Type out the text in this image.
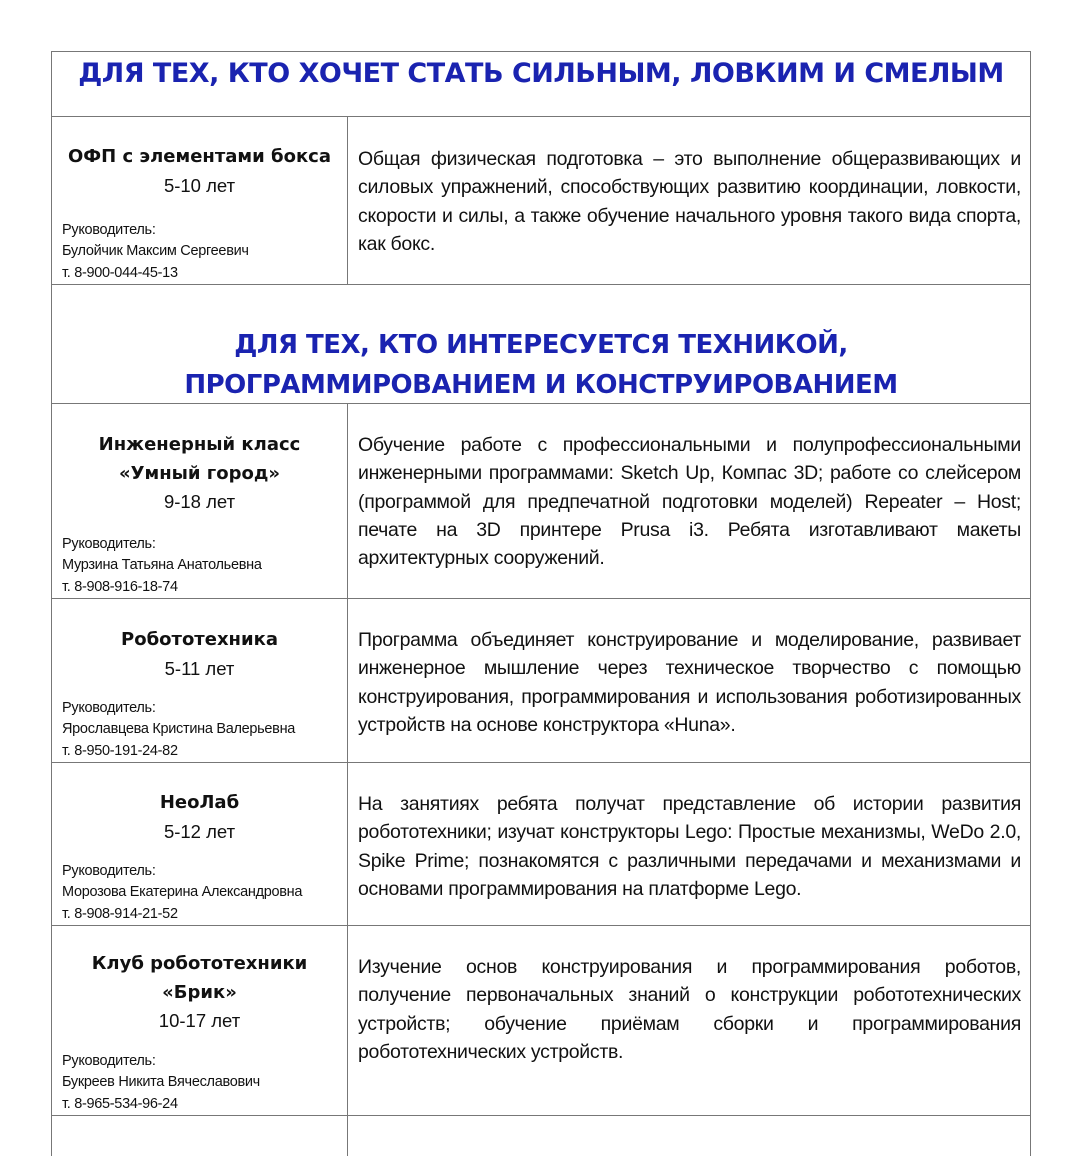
ДЛЯ ТЕХ, КТО ХОЧЕТ СТАТЬ СИЛЬНЫМ, ЛОВКИМ И СМЕЛЫМ
ОФП с элементами бокса
5-10 лет
Руководитель:
Булойчик Максим Сергеевич
т. 8-900-044-45-13
Общая физическая подготовка – это выполнение общеразвивающих и силовых упражнений, способствующих развитию координации, ловкости, скорости и силы, а также обучение начального уровня такого вида спорта, как бокс.
ДЛЯ ТЕХ, КТО ИНТЕРЕСУЕТСЯ ТЕХНИКОЙ,
ПРОГРАММИРОВАНИЕМ И КОНСТРУИРОВАНИЕМ
Инженерный класс
«Умный город»
9-18 лет
Руководитель:
Мурзина Татьяна Анатольевна
т. 8-908-916-18-74
Обучение работе с профессиональными и полупрофессиональными инженерными программами: Sketch Up, Компас 3D; работе со слейсером (программой для предпечатной подготовки моделей) Repeater – Host; печате на 3D принтере Prusa i3. Ребята изготавливают макеты архитектурных сооружений.
Робототехника
5-11 лет
Руководитель:
Ярославцева Кристина Валерьевна
т. 8-950-191-24-82
Программа объединяет конструирование и моделирование, развивает инженерное мышление через техническое творчество с помощью конструирования, программирования и использования роботизированных устройств на основе конструктора «Huna».
НеоЛаб
5-12 лет
Руководитель:
Морозова Екатерина Александровна
т. 8-908-914-21-52
На занятиях ребята получат представление об истории развития робототехники; изучат конструкторы Lego: Простые механизмы, WeDo 2.0, Spike Prime; познакомятся с различными передачами и механизмами и основами программирования на платформе Lego.
Клуб робототехники
«Брик»
10-17 лет
Руководитель:
Букреев Никита Вячеславович
т. 8-965-534-96-24
Изучение основ конструирования и программирования роботов, получение первоначальных знаний о конструкции робототехнических устройств; обучение приёмам сборки и программирования робототехнических устройств.
